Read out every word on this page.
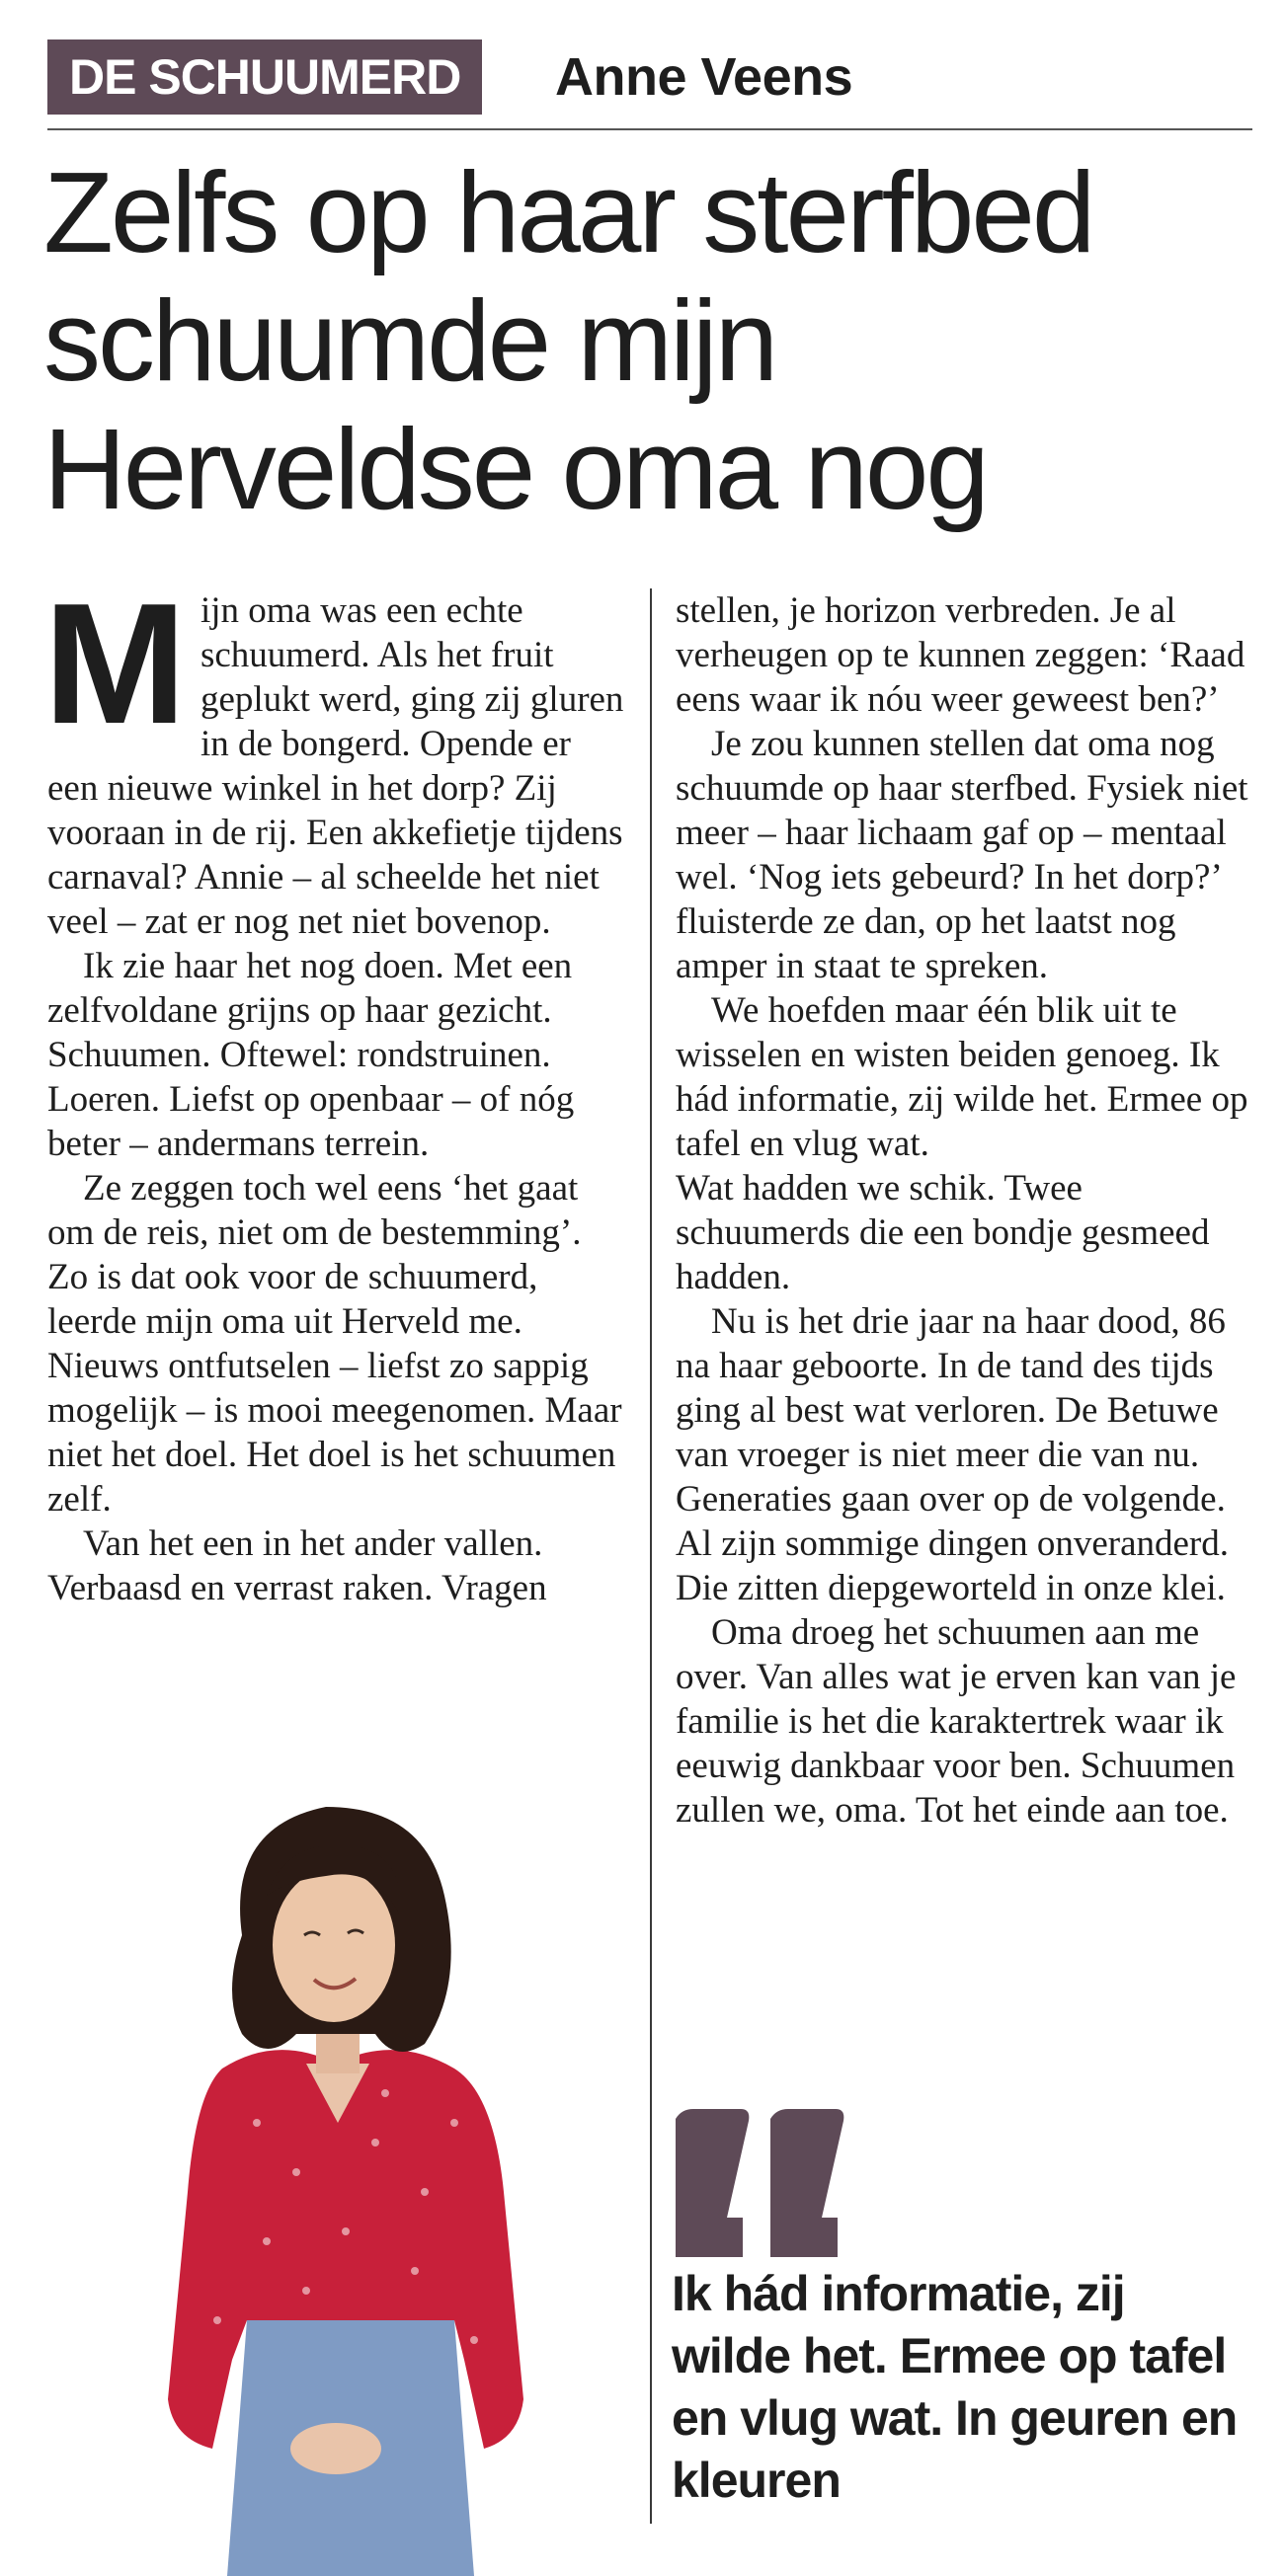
DE SCHUUMERD	Anne Veens
Zelfs op haar sterfbed schuumde mijn Herveldse oma nog
M ijn oma was een echte schuumerd. Als het fruit geplukt werd, ging zij gluren in de bongerd. Opende er een nieuwe winkel in het dorp? Zij vooraan in de rij. Een akkefietje tijdens carnaval? Annie – al scheelde het niet veel – zat er nog net niet bovenop.

Ik zie haar het nog doen. Met een zelfvoldane grijns op haar gezicht. Schuumen. Oftewel: rondstruinen. Loeren. Liefst op openbaar – of nóg beter – andermans terrein.

Ze zeggen toch wel eens ‘het gaat om de reis, niet om de bestemming’. Zo is dat ook voor de schuumerd, leerde mijn oma uit Herveld me. Nieuws ontfutselen – liefst zo sappig mogelijk – is mooi meegenomen. Maar niet het doel. Het doel is het schuumen zelf.

Van het een in het ander vallen. Verbaasd en verrast raken. Vragen

stellen, je horizon verbreden. Je al verheugen op te kunnen zeggen: ‘Raad eens waar ik nóu weer geweest ben?’

Je zou kunnen stellen dat oma nog schuumde op haar sterfbed. Fysiek niet meer – haar lichaam gaf op – mentaal wel. ‘Nog iets gebeurd? In het dorp?’ fluisterde ze dan, op het laatst nog amper in staat te spreken.

We hoefden maar één blik uit te wisselen en wisten beiden genoeg. Ik hád informatie, zij wilde het. Ermee op tafel en vlug wat.

Wat hadden we schik. Twee schuumerds die een bondje gesmeed hadden.

Nu is het drie jaar na haar dood, 86 na haar geboorte. In de tand des tijds ging al best wat verloren. De Betuwe van vroeger is niet meer die van nu. Generaties gaan over op de volgende. Al zijn sommige dingen onveranderd. Die zitten diepgeworteld in onze klei.

Oma droeg het schuumen aan me over. Van alles wat je erven kan van je familie is het die karaktertrek waar ik eeuwig dankbaar voor ben. Schuumen zullen we, oma. Tot het einde aan toe.

Ik hád informatie, zij wilde het. Ermee op tafel en vlug wat. In geuren en kleuren
